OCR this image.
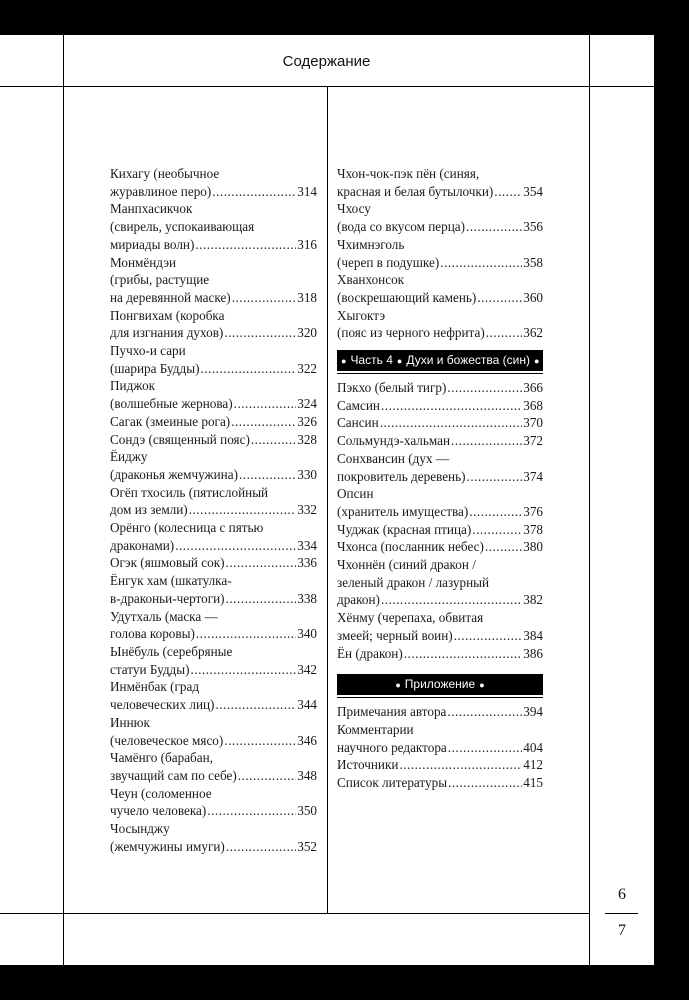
Содержание
6
7
Кихагу (необычное
журавлиное перо) .....	314
Манпхасикчок
(свирель, успокаивающая
мириады волн) .....	316
Монмёндэи
(грибы, растущие
на деревянной маске) .....	318
Понгвихам (коробка
для изгнания духов) .....	320
Пучхо-и сари
(шарира Будды) .....	322
Пиджок
(волшебные жернова) .....	324
Сагак (змеиные рога) .....	326
Сондэ (священный пояс) .....	328
Ёиджу
(драконья жемчужина) .....	330
Огёп тхосиль (пятислойный
дом из земли) .....	332
Орёнго (колесница с пятью
драконами) .....	334
Огэк (яшмовый сок) .....	336
Ёнгук хам (шкатулка-
в-драконьи-чертоги) .....	338
Удутхаль (маска —
голова коровы) .....	340
Ынёбуль (серебряные
статуи Будды) .....	342
Инмёнбак (град
человеческих лиц) .....	344
Иннюк
(человеческое мясо) .....	346
Чамёнго (барабан,
звучащий сам по себе) .....	348
Чеун (соломенное
чучело человека) .....	350
Чосынджу
(жемчужины имуги) .....	352
Чхон-чок-пэк пён (синяя,
красная и белая бутылочки) ..... 354
Чхосу
(вода со вкусом перца) .....	356
Чхимнэголь
(череп в подушке) .....	358
Хванхонсок
(воскрешающий камень) .....	360
Хыгоктэ
(пояс из черного нефрита) .....	362
● Часть 4 ● Духи и божества (син) ●
Пэкхо (белый тигр) .....	366
Самсин .....	368
Сансин .....	370
Сольмундэ-хальман .....	372
Сонхвансин (дух —
покровитель деревень) .....	374
Опсин
(хранитель имущества) .....	376
Чуджак (красная птица) .....	378
Чхонса (посланник небес) .....	380
Чхоннён (синий дракон /
зеленый дракон / лазурный
дракон) .....	382
Хёнму (черепаха, обвитая
змеей; черный воин) .....	384
Ён (дракон) .....	386
● Приложение ●
Примечания автора .....	394
Комментарии
научного редактора .....	404
Источники .....	412
Список литературы .....	415
